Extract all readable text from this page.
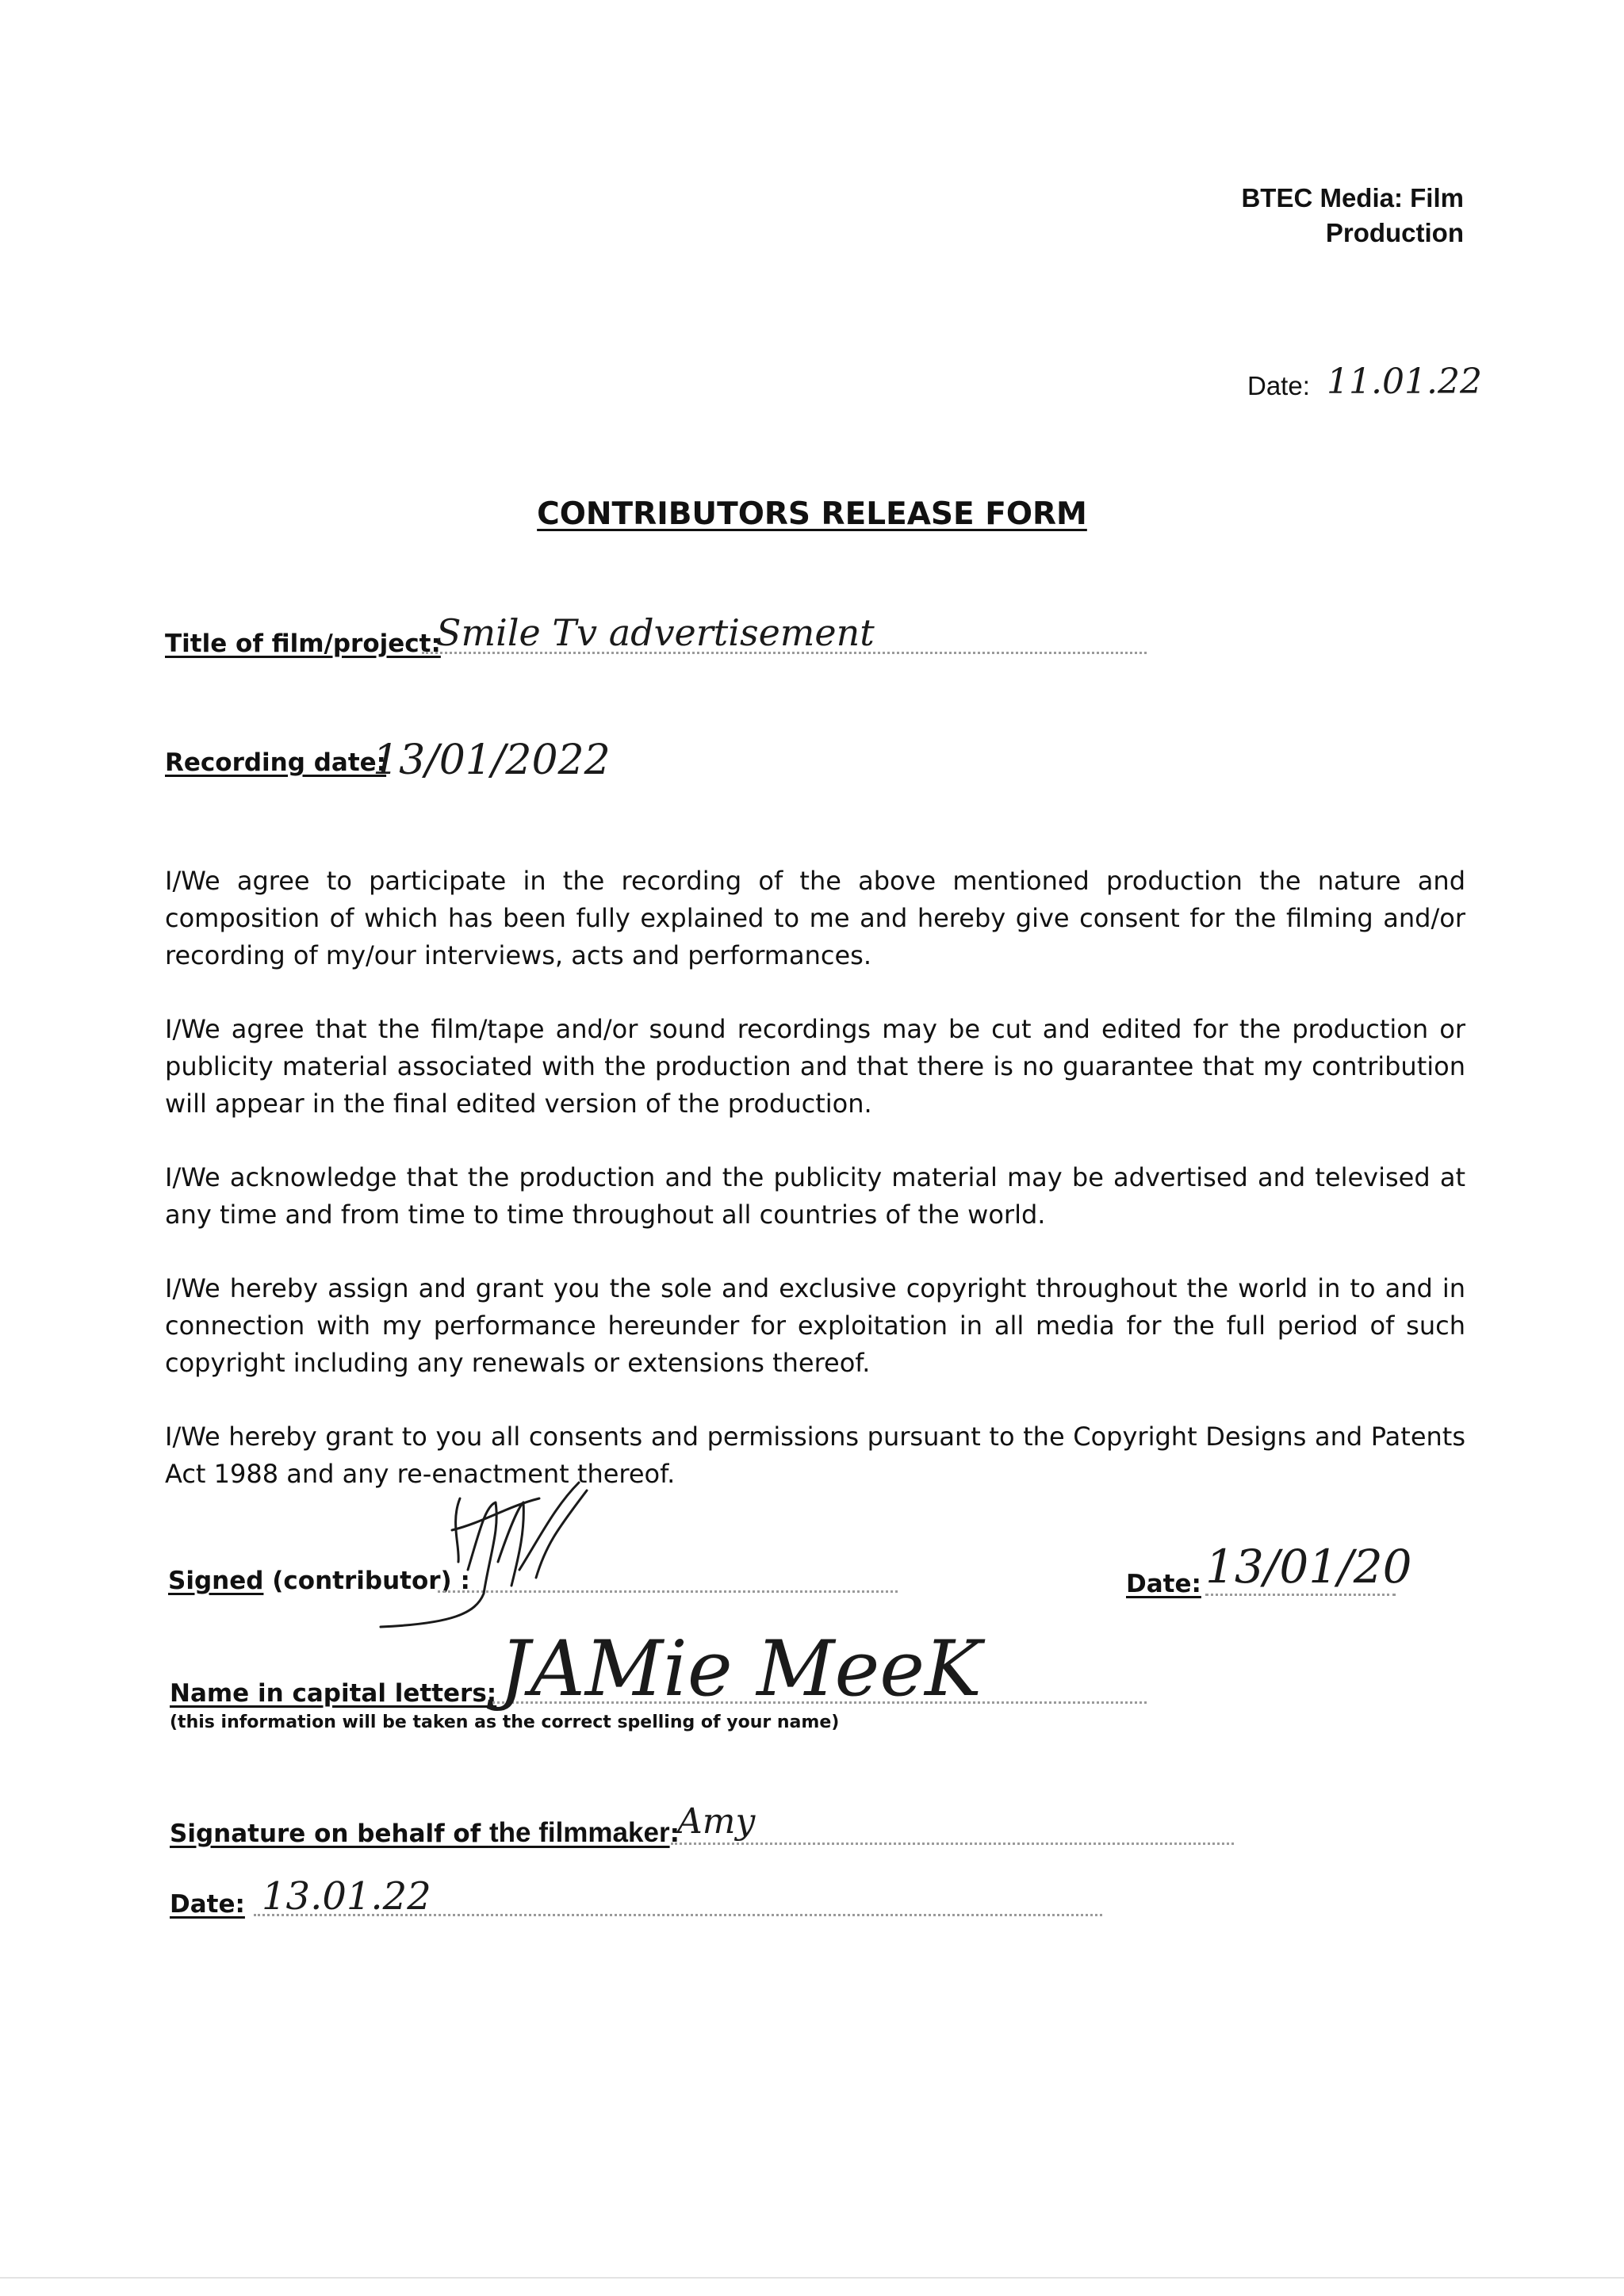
BTEC Media: Film
Production
Date: 11.01.22
CONTRIBUTORS RELEASE FORM
Title of film/project:
Smile Tv advertisement
Recording date:
13/01/2022

I/We agree to participate in the recording of the above mentioned production the nature and composition of which has been fully explained to me and hereby give consent for the filming and/or recording of my/our interviews, acts and performances.

I/We agree that the film/tape and/or sound recordings may be cut and edited for the production or publicity material associated with the production and that there is no guarantee that my contribution will appear in the final edited version of the production.

I/We acknowledge that the production and the publicity material may be advertised and televised at any time and from time to time throughout all countries of the world.

I/We hereby assign and grant you the sole and exclusive copyright throughout the world in to and in connection with my performance hereunder for exploitation in all media for the full period of such copyright including any renewals or extensions thereof.

I/We hereby grant to you all consents and permissions pursuant to the Copyright Designs and Patents Act 1988 and any re-enactment thereof.

Signed (contributor) :	Date: 13/01/20
Name in capital letters: JAMie MeeK
(this information will be taken as the correct spelling of your name)
Signature on behalf of the filmmaker:
Amy
Date: 13.01.22
